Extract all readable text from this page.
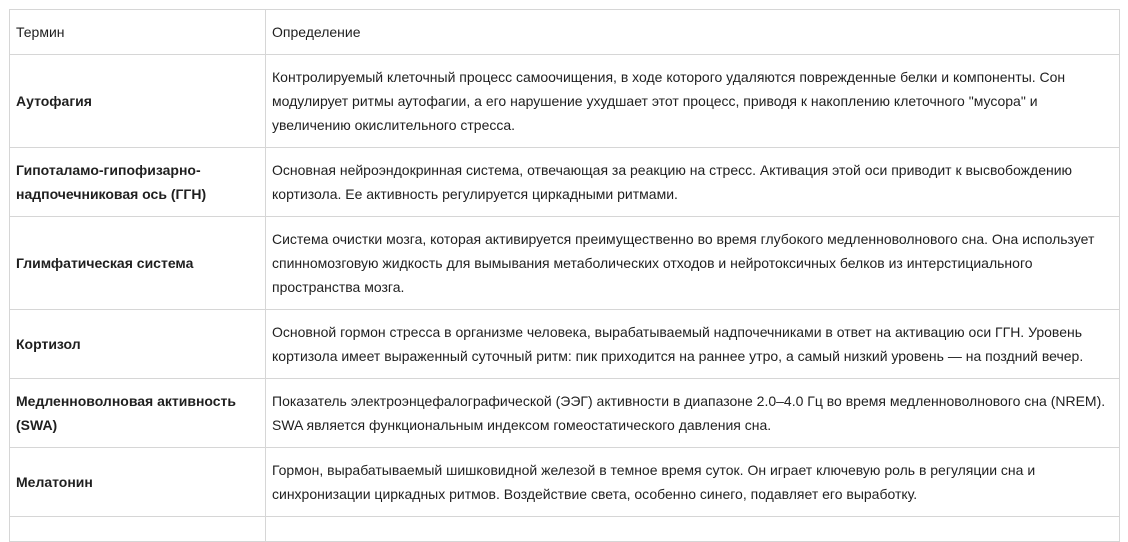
Термин	Определение
Аутофагия	Контролируемый клеточный процесс самоочищения, в ходе которого удаляются поврежденные белки и компоненты. Сон модулирует ритмы аутофагии, а его нарушение ухудшает этот процесс, приводя к накоплению клеточного "мусора" и увеличению окислительного стресса.
Гипоталамо-гипофизарно-надпочечниковая ось (ГГН)	Основная нейроэндокринная система, отвечающая за реакцию на стресс. Активация этой оси приводит к высвобождению кортизола. Ее активность регулируется циркадными ритмами.
Глимфатическая система	Система очистки мозга, которая активируется преимущественно во время глубокого медленноволнового сна. Она использует спинномозговую жидкость для вымывания метаболических отходов и нейротоксичных белков из интерстициального пространства мозга.
Кортизол	Основной гормон стресса в организме человека, вырабатываемый надпочечниками в ответ на активацию оси ГГН. Уровень кортизола имеет выраженный суточный ритм: пик приходится на раннее утро, а самый низкий уровень — на поздний вечер.
Медленноволновая активность (SWA)	Показатель электроэнцефалографической (ЭЭГ) активности в диапазоне 2.0–4.0 Гц во время медленноволнового сна (NREM). SWA является функциональным индексом гомеостатического давления сна.
Мелатонин	Гормон, вырабатываемый шишковидной железой в темное время суток. Он играет ключевую роль в регуляции сна и синхронизации циркадных ритмов. Воздействие света, особенно синего, подавляет его выработку.
